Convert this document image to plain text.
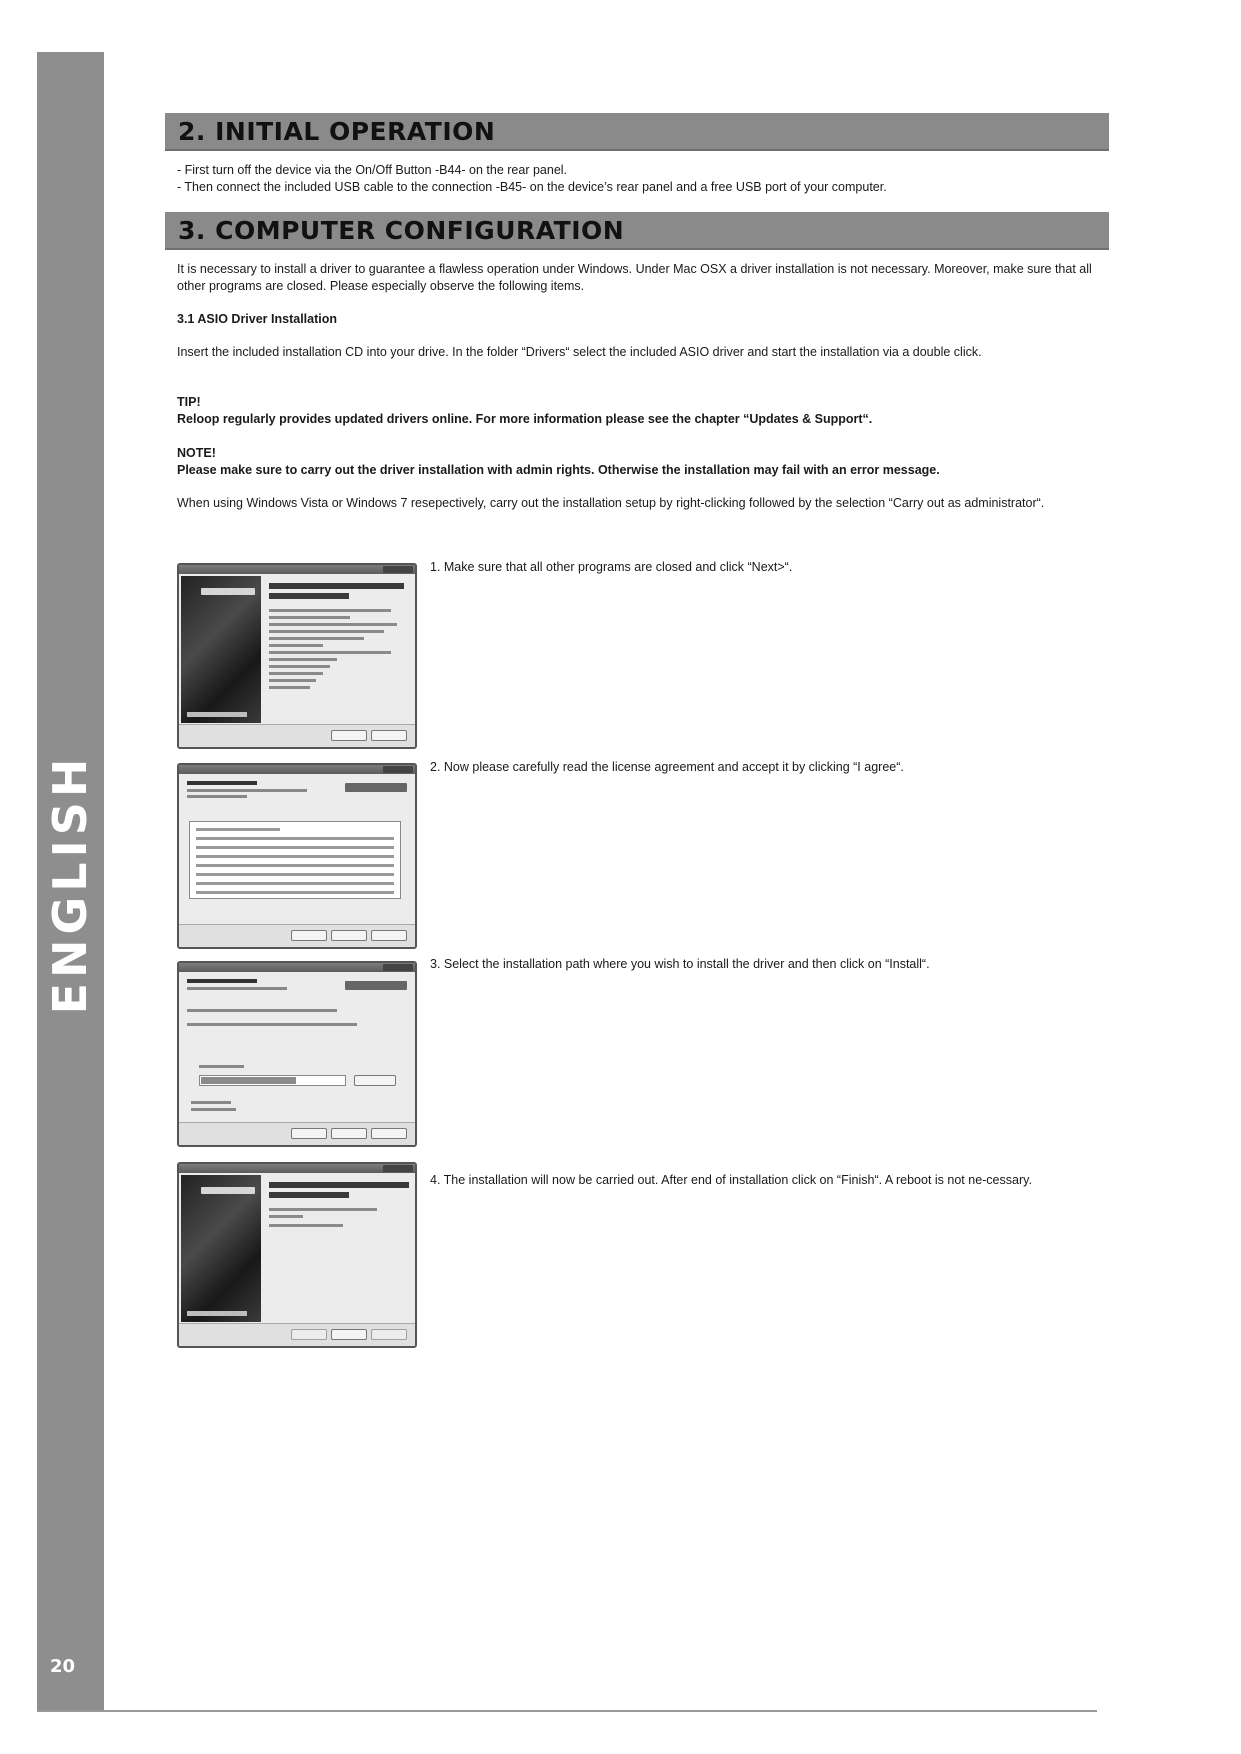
ENGLISH
20
2. INITIAL OPERATION

- First turn off the device via the On/Off Button -B44- on the rear panel.

- Then connect the included USB cable to the connection -B45- on the device’s rear panel and a free USB port of your computer.

3. COMPUTER CONFIGURATION
It is necessary to install a driver to guarantee a flawless operation under Windows. Under Mac OSX a driver installation is not necessary. Moreover, make sure that all other programs are closed. Please especially observe the following items.
3.1 ASIO Driver Installation
Insert the included installation CD into your drive. In the folder “Drivers“ select the included ASIO driver and start the installation via a double click.
TIP!
Reloop regularly provides updated drivers online. For more information please see the chapter “Updates & Support“.
NOTE!
Please make sure to carry out the driver installation with admin rights. Otherwise the installation may fail with an error message.
When using Windows Vista or Windows 7 resepectively, carry out the installation setup by right-clicking followed by the selection “Carry out as administrator“.
1. Make sure that all other programs are closed and click “Next>“.
2. Now please carefully read the license agreement and accept it by clicking “I agree“.
3. Select the installation path where you wish to install the driver and then click on “Install“.
4. The installation will now be carried out. After end of installation click on “Finish“. A reboot is not ne-cessary.
